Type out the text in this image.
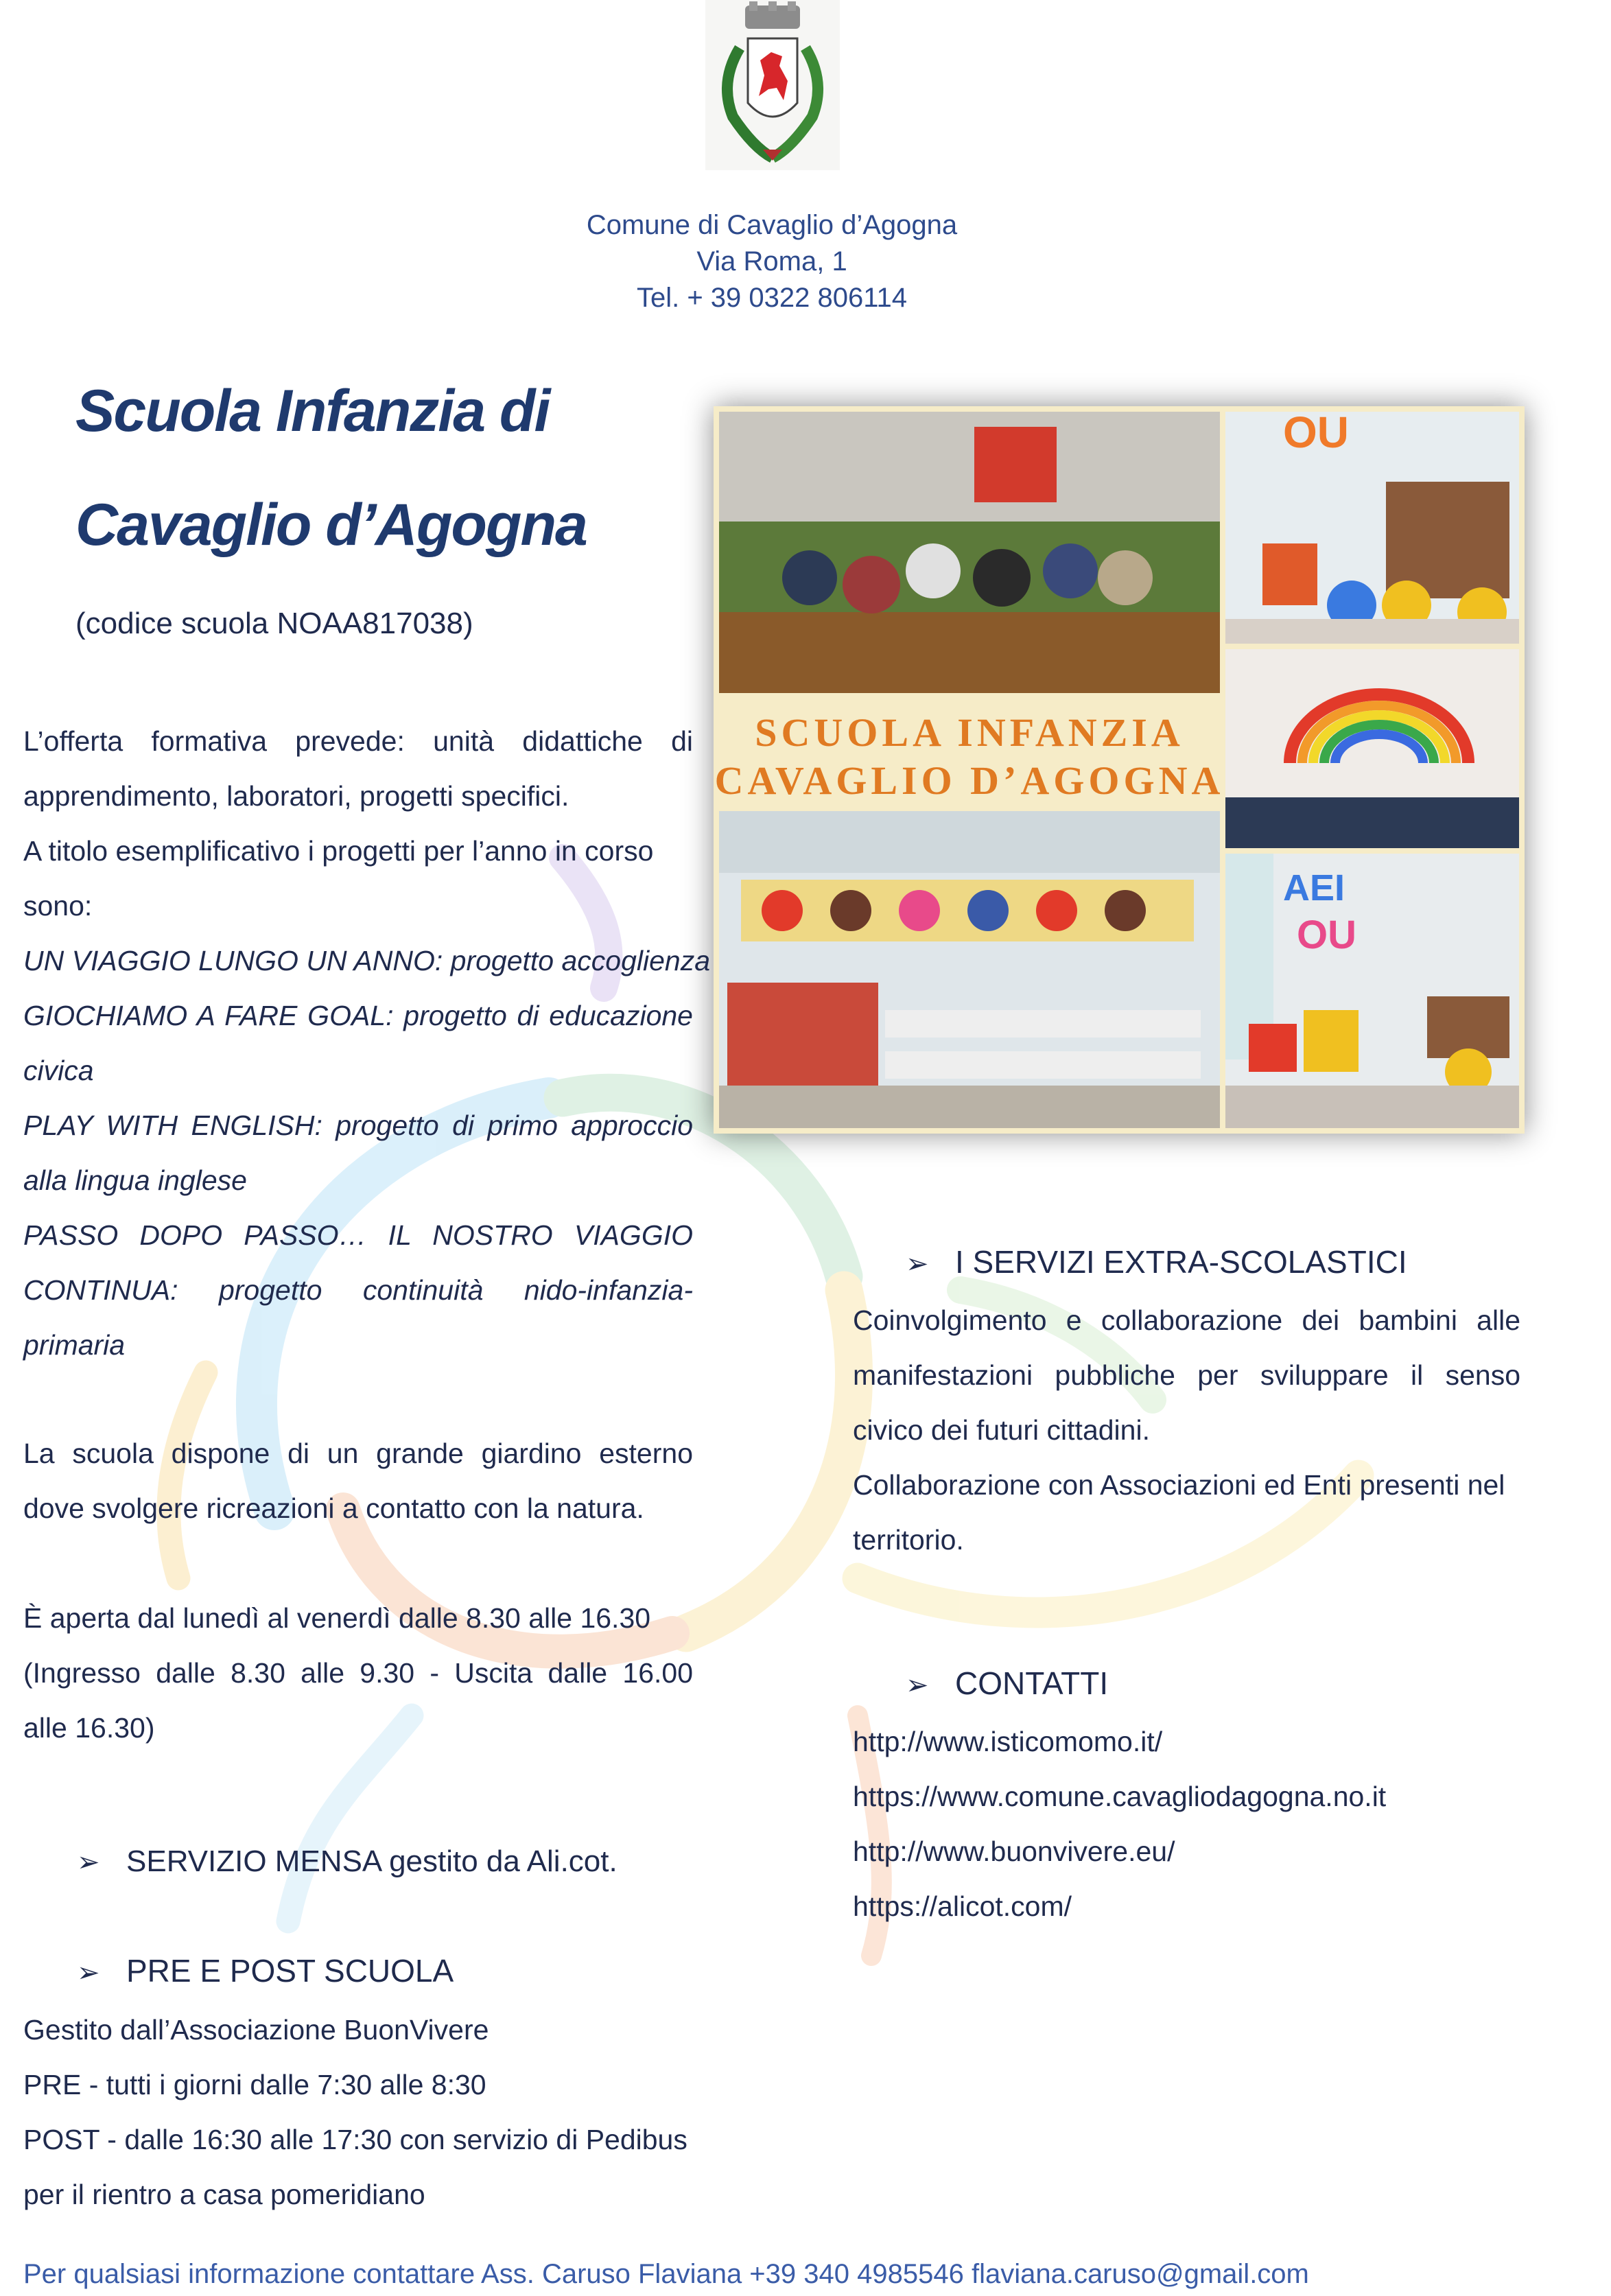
Comune di Cavaglio d’Agogna
Via Roma, 1
Tel. + 39 0322 806114
Scuola Infanzia di
Cavaglio d’Agogna
(codice scuola NOAA817038)
SCUOLA INFANZIA
CAVAGLIO D’AGOGNA
OU
AEI
OU
L’offerta formativa prevede: unità didattiche di
apprendimento, laboratori, progetti specifici.
A titolo esemplificativo i progetti per l’anno in corso
sono:
UN VIAGGIO LUNGO UN ANNO: progetto accoglienza
GIOCHIAMO A FARE GOAL: progetto di educazione
civica
PLAY WITH ENGLISH: progetto di primo approccio
alla lingua inglese
PASSO DOPO PASSO… IL NOSTRO VIAGGIO
CONTINUA: progetto continuità nido-infanzia-
primaria
La scuola dispone di un grande giardino esterno
dove svolgere ricreazioni a contatto con la natura.
È aperta dal lunedì al venerdì dalle 8.30 alle 16.30
(Ingresso dalle 8.30 alle 9.30 - Uscita dalle 16.00
alle 16.30)
➢ SERVIZIO MENSA gestito da Ali.cot.
➢ PRE E POST SCUOLA
Gestito dall’Associazione BuonVivere
PRE - tutti i giorni dalle 7:30 alle 8:30
POST - dalle 16:30 alle 17:30 con servizio di Pedibus
per il rientro a casa pomeridiano
➢ I SERVIZI EXTRA-SCOLASTICI
Coinvolgimento e collaborazione dei bambini alle
manifestazioni pubbliche per sviluppare il senso
civico dei futuri cittadini.
Collaborazione con Associazioni ed Enti presenti nel
territorio.
➢ CONTATTI
http://www.isticomomo.it/
https://www.comune.cavagliodagogna.no.it
http://www.buonvivere.eu/
https://alicot.com/
Per qualsiasi informazione contattare Ass. Caruso Flaviana +39 340 4985546 flaviana.caruso@gmail.com
